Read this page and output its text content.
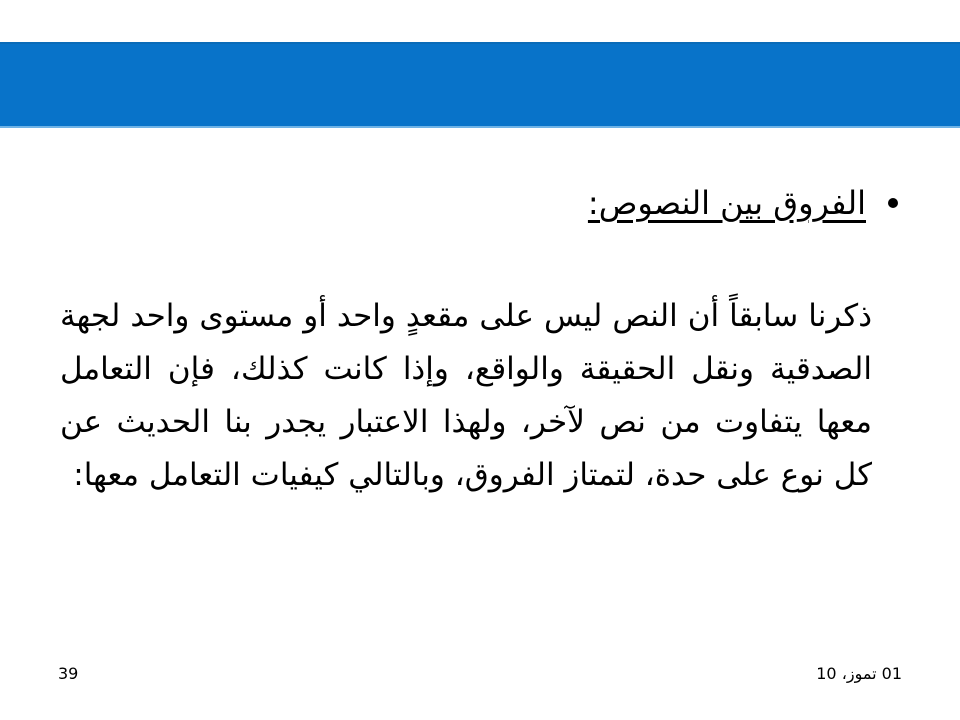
الفروق بين النصوص:
ذكرنا سابقاً أن النص ليس على مقعدٍ واحد أو مستوى واحد لجهة الصدقية ونقل الحقيقة والواقع، وإذا كانت كذلك، فإن التعامل معها يتفاوت من نص لآخر، ولهذا الاعتبار يجدر بنا الحديث عن كل نوع على حدة، لتمتاز الفروق، وبالتالي كيفيات التعامل معها:
39	01 تموز، 10
